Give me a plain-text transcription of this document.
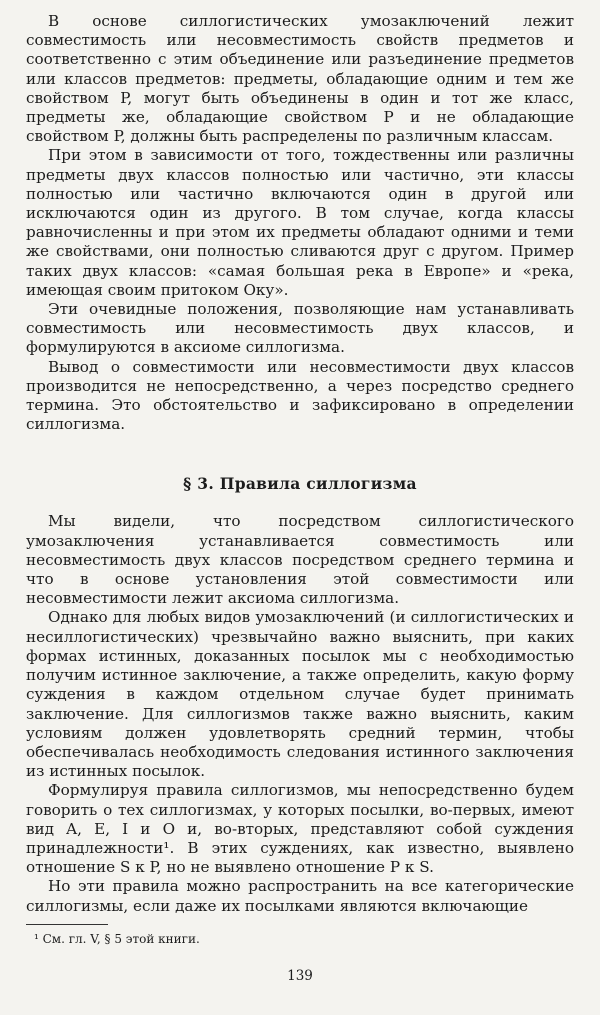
В основе силлогистических умозаключений лежит совместимость или несовместимость свойств предметов и соответственно с этим объединение или разъединение предметов или классов предметов: предметы, обладающие одним и тем же свойством P, могут быть объединены в один и тот же класс, предметы же, обладающие свойством P и не обладающие свойством P, должны быть распределены по различным классам.

При этом в зависимости от того, тождественны или различны предметы двух классов полностью или частично, эти классы полностью или частично включаются один в другой или исключаются один из другого. В том случае, когда классы равночисленны и при этом их предметы обладают одними и теми же свойствами, они полностью сливаются друг с другом. Пример таких двух классов: «самая большая река в Европе» и «река, имеющая своим притоком Оку».

Эти очевидные положения, позволяющие нам устанавливать совместимость или несовместимость двух классов, и формулируются в аксиоме силлогизма.

Вывод о совместимости или несовместимости двух классов производится не непосредственно, а через посредство среднего термина. Это обстоятельство и зафиксировано в определении силлогизма.

§ 3. Правила силлогизма

Мы видели, что посредством силлогистического умозаключения устанавливается совместимость или несовместимость двух классов посредством среднего термина и что в основе установления этой совместимости или несовместимости лежит аксиома силлогизма.

Однако для любых видов умозаключений (и силлогистических и несиллогистических) чрезвычайно важно выяснить, при каких формах истинных, доказанных посылок мы с необходимостью получим истинное заключение, а также определить, какую форму суждения в каждом отдельном случае будет принимать заключение. Для силлогизмов также важно выяснить, каким условиям должен удовлетворять средний термин, чтобы обеспечивалась необходимость следования истинного заключения из истинных посылок.

Формулируя правила силлогизмов, мы непосредственно будем говорить о тех силлогизмах, у которых посылки, во-первых, имеют вид A, E, I и O и, во-вторых, представляют собой суждения принадлежности¹. В этих суждениях, как известно, выявлено отношение S к P, но не выявлено отношение P к S.

Но эти правила можно распространить на все категорические силлогизмы, если даже их посылками являются включающие

¹ См. гл. V, § 5 этой книги.

139
